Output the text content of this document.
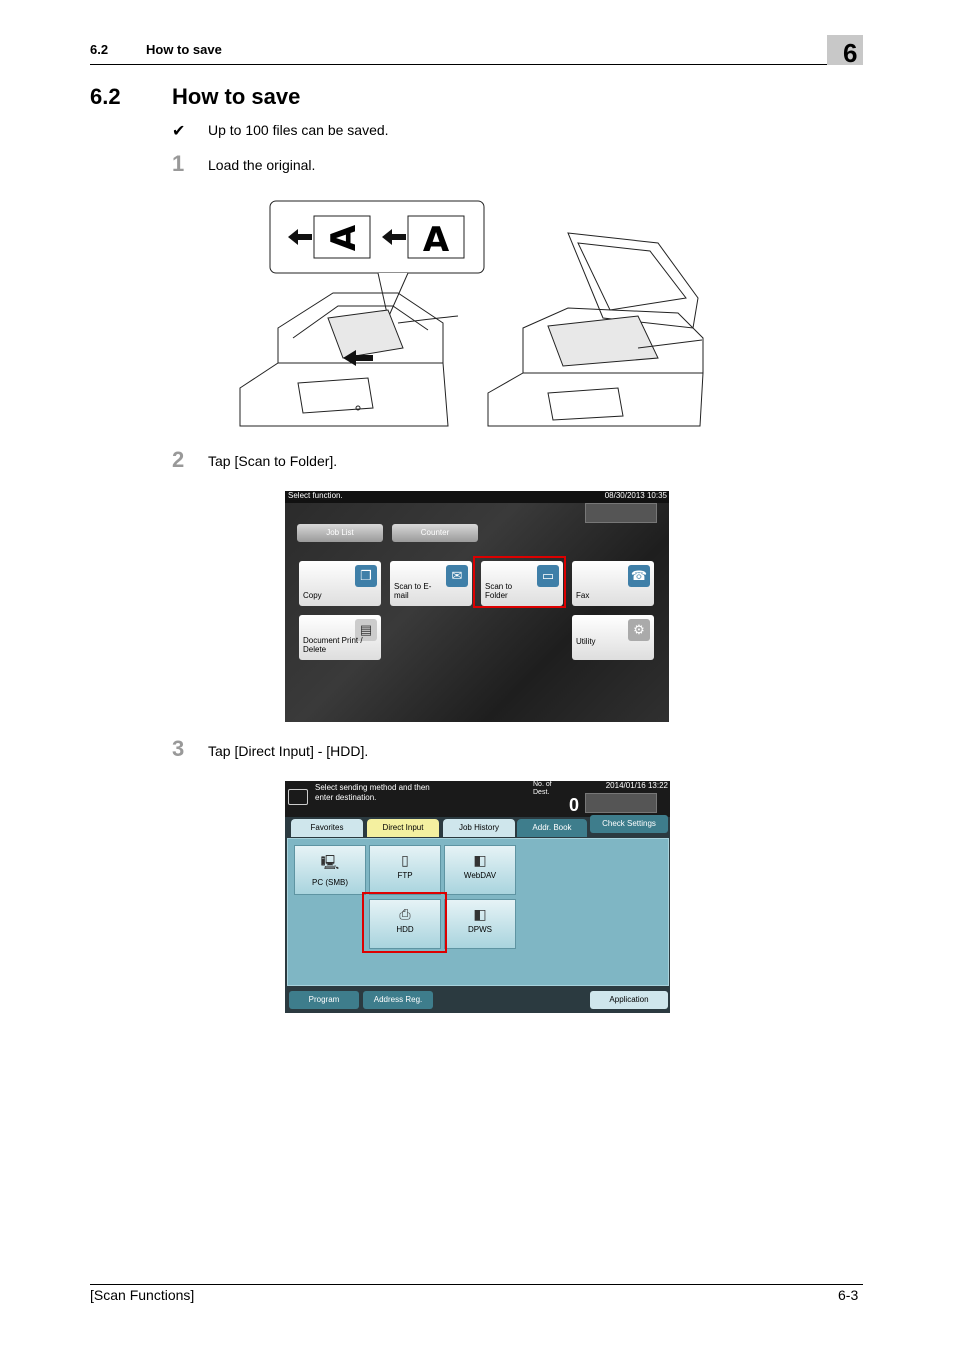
6.2	How to save	6
6.2 How to save
✔ Up to 100 files can be saved.
1 Load the original.
A A
2 Tap [Scan to Folder].
Select function.	08/30/2013 10:35
Job List	Counter
❐
Copy
✉
Scan to E-mail
▭
Scan to Folder
☎
Fax
▤
Document Print / Delete
⚙
Utility
3 Tap [Direct Input] - [HDD].
Select sending method and then enter destination.
No. of Dest.
0
2014/01/16 13:22
Favorites	Direct Input	Job History	Addr. Book	Check Settings
🖳
PC (SMB)
▯
FTP
◧
WebDAV
⎙
HDD
◧
DPWS
Program	Address Reg.	Application
[Scan Functions]	6-3
